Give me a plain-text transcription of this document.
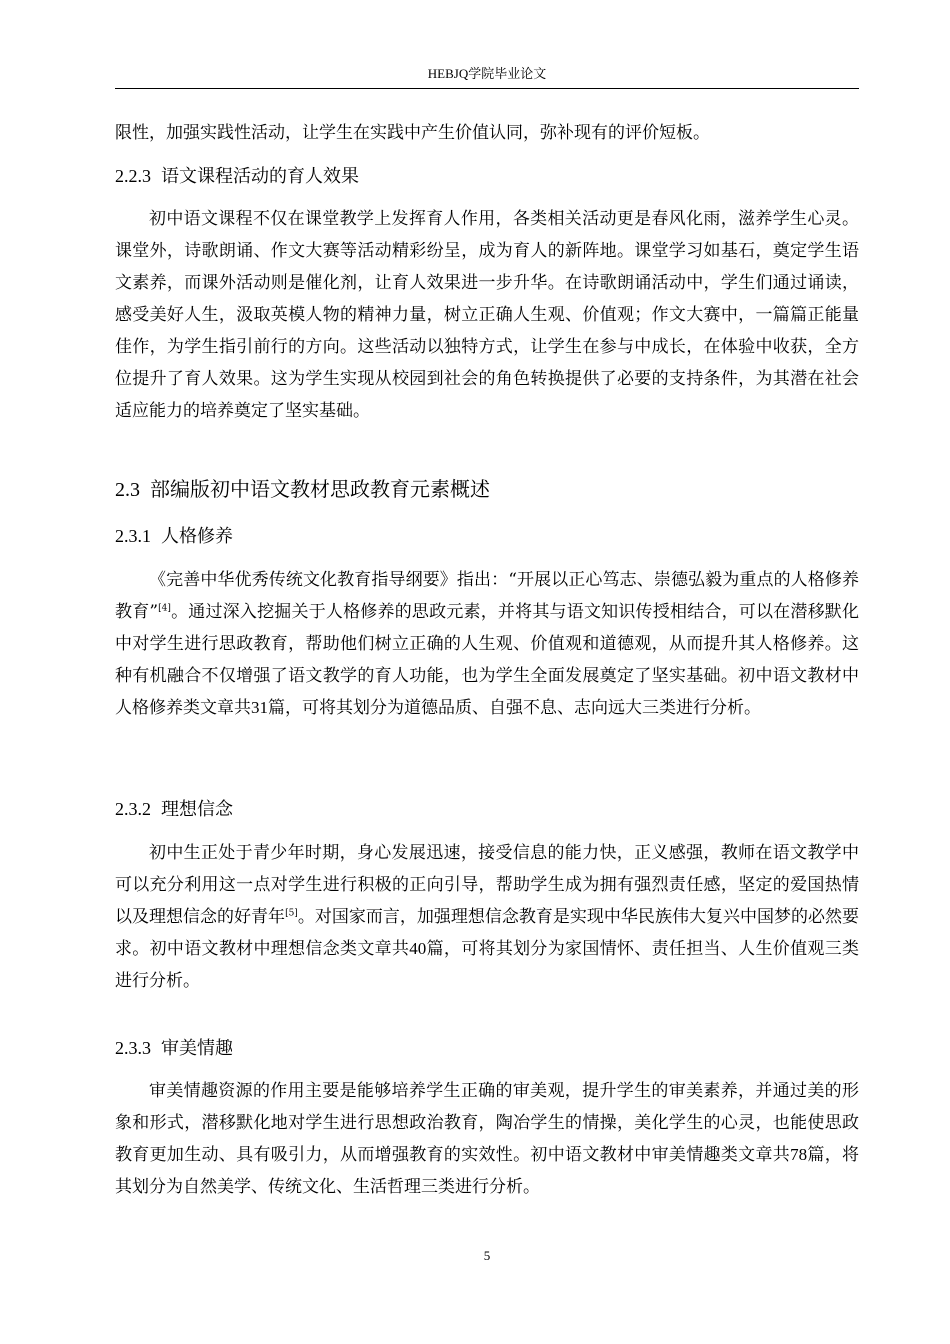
HEBJQ学院毕业论文

限性，加强实践性活动，让学生在实践中产生价值认同，弥补现有的评价短板。

2.2.3 语文课程活动的育人效果

初中语文课程不仅在课堂教学上发挥育人作用，各类相关活动更是春风化雨，滋养学生心灵。课堂外，诗歌朗诵、作文大赛等活动精彩纷呈，成为育人的新阵地。课堂学习如基石，奠定学生语文素养，而课外活动则是催化剂，让育人效果进一步升华。在诗歌朗诵活动中，学生们通过诵读，感受美好人生，汲取英模人物的精神力量，树立正确人生观、价值观；作文大赛中，一篇篇正能量佳作，为学生指引前行的方向。这些活动以独特方式，让学生在参与中成长，在体验中收获，全方位提升了育人效果。这为学生实现从校园到社会的角色转换提供了必要的支持条件，为其潜在社会适应能力的培养奠定了坚实基础。

2.3 部编版初中语文教材思政教育元素概述
2.3.1 人格修养

《完善中华优秀传统文化教育指导纲要》指出：“开展以正心笃志、崇德弘毅为重点的人格修养教育”[4]。通过深入挖掘关于人格修养的思政元素，并将其与语文知识传授相结合，可以在潜移默化中对学生进行思政教育，帮助他们树立正确的人生观、价值观和道德观，从而提升其人格修养。这种有机融合不仅增强了语文教学的育人功能，也为学生全面发展奠定了坚实基础。初中语文教材中人格修养类文章共31篇，可将其划分为道德品质、自强不息、志向远大三类进行分析。

2.3.2 理想信念

初中生正处于青少年时期，身心发展迅速，接受信息的能力快，正义感强，教师在语文教学中可以充分利用这一点对学生进行积极的正向引导，帮助学生成为拥有强烈责任感，坚定的爱国热情以及理想信念的好青年[5]。对国家而言，加强理想信念教育是实现中华民族伟大复兴中国梦的必然要求。初中语文教材中理想信念类文章共40篇，可将其划分为家国情怀、责任担当、人生价值观三类进行分析。

2.3.3 审美情趣

审美情趣资源的作用主要是能够培养学生正确的审美观，提升学生的审美素养，并通过美的形象和形式，潜移默化地对学生进行思想政治教育，陶冶学生的情操，美化学生的心灵，也能使思政教育更加生动、具有吸引力，从而增强教育的实效性。初中语文教材中审美情趣类文章共78篇，将其划分为自然美学、传统文化、生活哲理三类进行分析。

5
